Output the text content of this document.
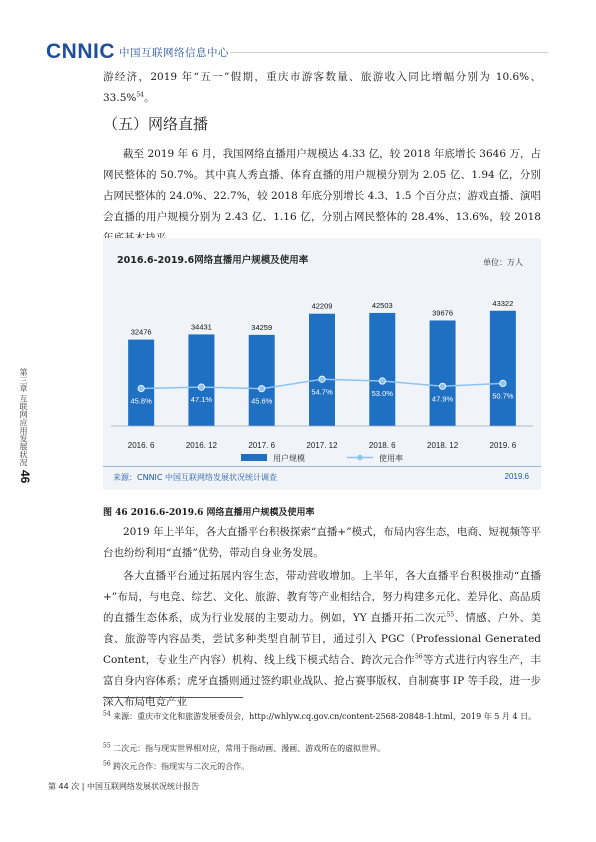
CNNIC 中国互联网络信息中心
第三章 互联网应用发展状况
46
游经济，2019 年“五一”假期，重庆市游客数量、旅游收入同比增幅分别为 10.6%、33.5%$^{54}$。
（五）网络直播
截至 2019 年 6 月，我国网络直播用户规模达 4.33 亿，较 2018 年底增长 3646 万，占网民整体的 50.7%。其中真人秀直播、体育直播的用户规模分别为 2.05 亿、1.94 亿，分别占网民整体的 24.0%、22.7%，较 2018 年底分别增长 4.3、1.5 个百分点；游戏直播、演唱会直播的用户规模分别为 2.43 亿、1.16 亿，分别占网民整体的 28.4%、13.6%，较 2018
2016.6-2019.6网络直播用户规模及使用率	单位：万人
32476
2016. 6
34431
2016. 12
34259
2017. 6
42209
2017. 12
42503
2018. 6
39676
2018. 12
43322
2019. 6
45.8%	47.1%	45.6%
54.7%	53.0%
47.9%	50.7%
用户规模	使用率
来源：CNNIC 中国互联网络发展状况统计调查	2019.6
图 46 2016.6-2019.6 网络直播用户规模及使用率
2019 年上半年，各大直播平台积极探索“直播+”模式，布局内容生态，电商、短视频等平台也纷纷利用“直播”优势，带动自身业务发展。
各大直播平台通过拓展内容生态，带动营收增加。上半年，各大直播平台积极推动“直播+”布局，与电竞、综艺、文化、旅游、教育等产业相结合，努力构建多元化、差异化、高品质的直播生态体系，成为行业发展的主要动力。例如，YY 直播开拓二次元$^{55}$、情感、户外、美食、旅游等内容品类，尝试多种类型自制节目，通过引入 PGC（Professional Generated Content，专业生产内容）机构、线上线下模式结合、跨次元合作$^{56}$等方式进行内容生产，丰富自身内容体系；虎牙直播则通过签约职业战队、抢占赛事版权、自制赛事 IP 等手段，进一步深入布局电竞产业
$^{54}$ 来源：重庆市文化和旅游发展委员会，http://whlyw.cq.gov.cn/content-2568-20848-1.html，2019 年 5 月 4 日。
$^{55}$ 二次元：指与现实世界相对应，常用于指动画、漫画、游戏所在的虚拟世界。
$^{56}$ 跨次元合作：指现实与二次元的合作。
第 44 次 | 中国互联网络发展状况统计报告
